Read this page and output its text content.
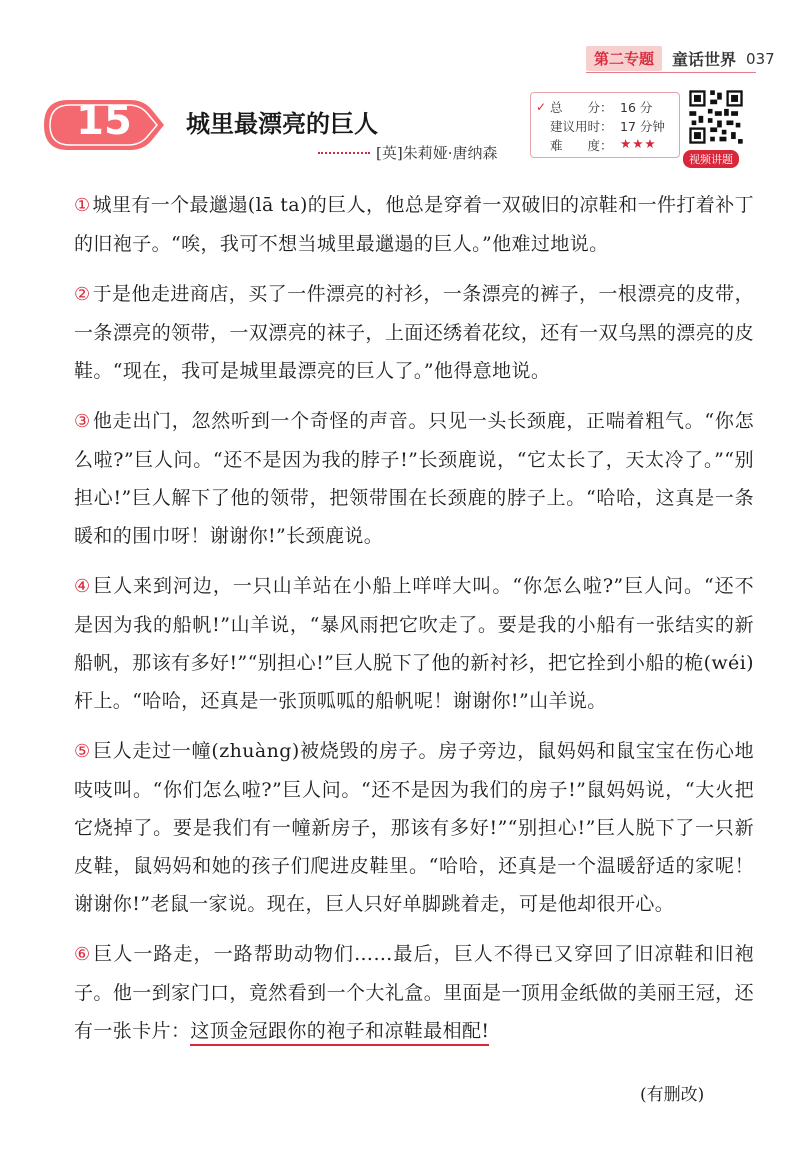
第二专题	童话世界 037
15	城里最漂亮的巨人
[英]朱莉娅·唐纳森
✓ 总　　分： 16 分
建议用时： 17 分钟
难　　度： ★★★
视频讲题

① 城里有一个最邋遢(lā ta)的巨人，他总是穿着一双破旧的凉鞋和一件打着补丁的旧袍子。“唉，我可不想当城里最邋遢的巨人。”他难过地说。

② 于是他走进商店，买了一件漂亮的衬衫，一条漂亮的裤子，一根漂亮的皮带，一条漂亮的领带，一双漂亮的袜子，上面还绣着花纹，还有一双乌黑的漂亮的皮鞋。“现在，我可是城里最漂亮的巨人了。”他得意地说。

③ 他走出门，忽然听到一个奇怪的声音。只见一头长颈鹿，正喘着粗气。“你怎么啦?”巨人问。“还不是因为我的脖子!”长颈鹿说，“它太长了，天太冷了。”“别担心!”巨人解下了他的领带，把领带围在长颈鹿的脖子上。“哈哈，这真是一条暖和的围巾呀！谢谢你!”长颈鹿说。

④ 巨人来到河边，一只山羊站在小船上咩咩大叫。“你怎么啦?”巨人问。“还不是因为我的船帆!”山羊说，“暴风雨把它吹走了。要是我的小船有一张结实的新船帆，那该有多好!”“别担心!”巨人脱下了他的新衬衫，把它拴到小船的桅(wéi)杆上。“哈哈，还真是一张顶呱呱的船帆呢！谢谢你!”山羊说。

⑤ 巨人走过一幢(zhuàng)被烧毁的房子。房子旁边，鼠妈妈和鼠宝宝在伤心地吱吱叫。“你们怎么啦?”巨人问。“还不是因为我们的房子!”鼠妈妈说，“大火把它烧掉了。要是我们有一幢新房子，那该有多好!”“别担心!”巨人脱下了一只新皮鞋，鼠妈妈和她的孩子们爬进皮鞋里。“哈哈，还真是一个温暖舒适的家呢！谢谢你!”老鼠一家说。现在，巨人只好单脚跳着走，可是他却很开心。

⑥ 巨人一路走，一路帮助动物们……最后，巨人不得已又穿回了旧凉鞋和旧袍子。他一到家门口，竟然看到一个大礼盒。里面是一顶用金纸做的美丽王冠，还有一张卡片：这顶金冠跟你的袍子和凉鞋最相配!

(有删改)
